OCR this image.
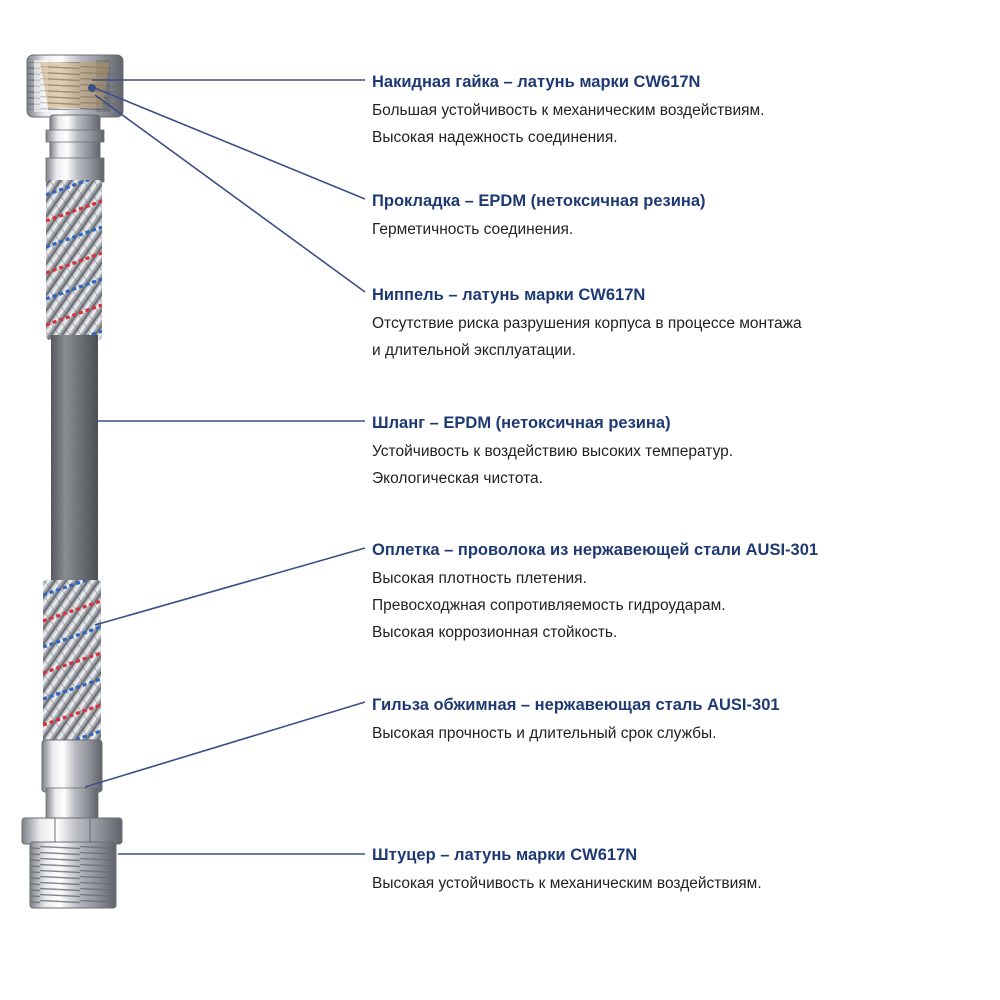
Накидная гайка – латунь марки CW617N
Большая устойчивость к механическим воздействиям.
Высокая надежность соединения.
Прокладка – EPDM (нетоксичная резина)
Герметичность соединения.
Ниппель – латунь марки CW617N
Отсутствие риска разрушения корпуса в процессе монтажа
и длительной эксплуатации.
Шланг – EPDM (нетоксичная резина)
Устойчивость к воздействию высоких температур.
Экологическая чистота.
Оплетка – проволока из нержавеющей стали AUSI-301
Высокая плотность плетения.
Превосходжная сопротивляемость гидроударам.
Высокая коррозионная стойкость.
Гильза обжимная – нержавеющая сталь AUSI-301
Высокая прочность и длительный срок службы.
Штуцер – латунь марки CW617N
Высокая устойчивость к механическим воздействиям.
